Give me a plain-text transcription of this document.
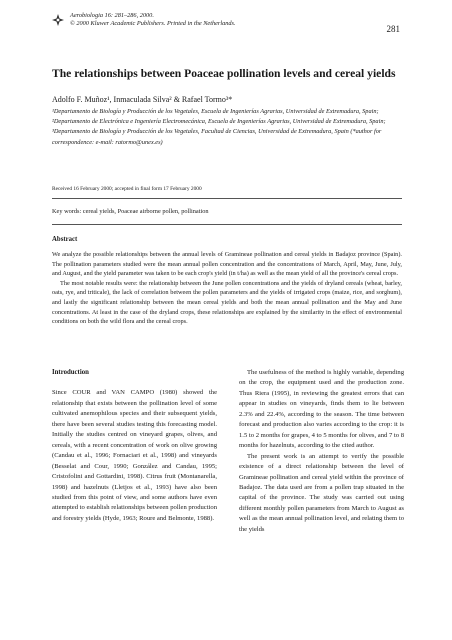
Aerobiologia 16: 281–286, 2000.
© 2000 Kluwer Academic Publishers. Printed in the Netherlands.
281
The relationships between Poaceae pollination levels and cereal yields
Adolfo F. Muñoz¹, Inmaculada Silva² & Rafael Tormo³*
¹Departamento de Biología y Producción de los Vegetales, Escuela de Ingenierías Agrarias, Universidad de Extremadura, Spain; ²Departamento de Electrónica e Ingeniería Electromecánica, Escuela de Ingenierías Agrarias, Universidad de Extremadura, Spain; ³Departamento de Biología y Producción de los Vegetales, Facultad de Ciencias, Universidad de Extremadura, Spain (*author for correspondence: e-mail: ratormo@unex.es)
Received 16 February 2000; accepted in final form 17 February 2000
Key words: cereal yields, Poaceae airborne pollen, pollination
Abstract

We analyze the possible relationships between the annual levels of Gramineae pollination and cereal yields in Badajoz province (Spain). The pollination parameters studied were the mean annual pollen concentration and the concentrations of March, April, May, June, July, and August, and the yield parameter was taken to be each crop's yield (in t/ha) as well as the mean yield of all the province's cereal crops.

The most notable results were: the relationship between the June pollen concentrations and the yields of dryland cereals (wheat, barley, oats, rye, and triticale), the lack of correlation between the pollen parameters and the yields of irrigated crops (maize, rice, and sorghum), and lastly the significant relationship between the mean cereal yields and both the mean annual pollination and the May and June concentrations. At least in the case of the dryland crops, these relationships are explained by the similarity in the effect of environmental conditions on both the wild flora and the cereal crops.

Introduction

Since COUR and VAN CAMPO (1980) showed the relationship that exists between the pollination level of some cultivated anemophilous species and their subsequent yields, there have been several studies testing this forecasting model. Initially the studies centred on vineyard grapes, olives, and cereals, with a recent concentration of work on olive growing (Candau et al., 1996; Fornaciari et al., 1998) and vineyards (Besselat and Cour, 1990; González and Candau, 1995; Cristofolini and Gottardini, 1998). Citrus fruit (Montanarella, 1998) and hazelnuts (Lletjos et al., 1993) have also been studied from this point of view, and some authors have even attempted to establish relationships between pollen production and forestry yields (Hyde, 1963; Roure and Belmonte, 1988).

The usefulness of the method is highly variable, depending on the crop, the equipment used and the production zone. Thus Riera (1995), in reviewing the greatest errors that can appear in studies on vineyards, finds them to lie between 2.3% and 22.4%, according to the season. The time between forecast and production also varies according to the crop: it is 1.5 to 2 months for grapes, 4 to 5 months for olives, and 7 to 8 months for hazelnuts, according to the cited author.

The present work is an attempt to verify the possible existence of a direct relationship between the level of Gramineae pollination and cereal yield within the province of Badajoz. The data used are from a pollen trap situated in the capital of the province. The study was carried out using different monthly pollen parameters from March to August as well as the mean annual pollination level, and relating them to the yields
